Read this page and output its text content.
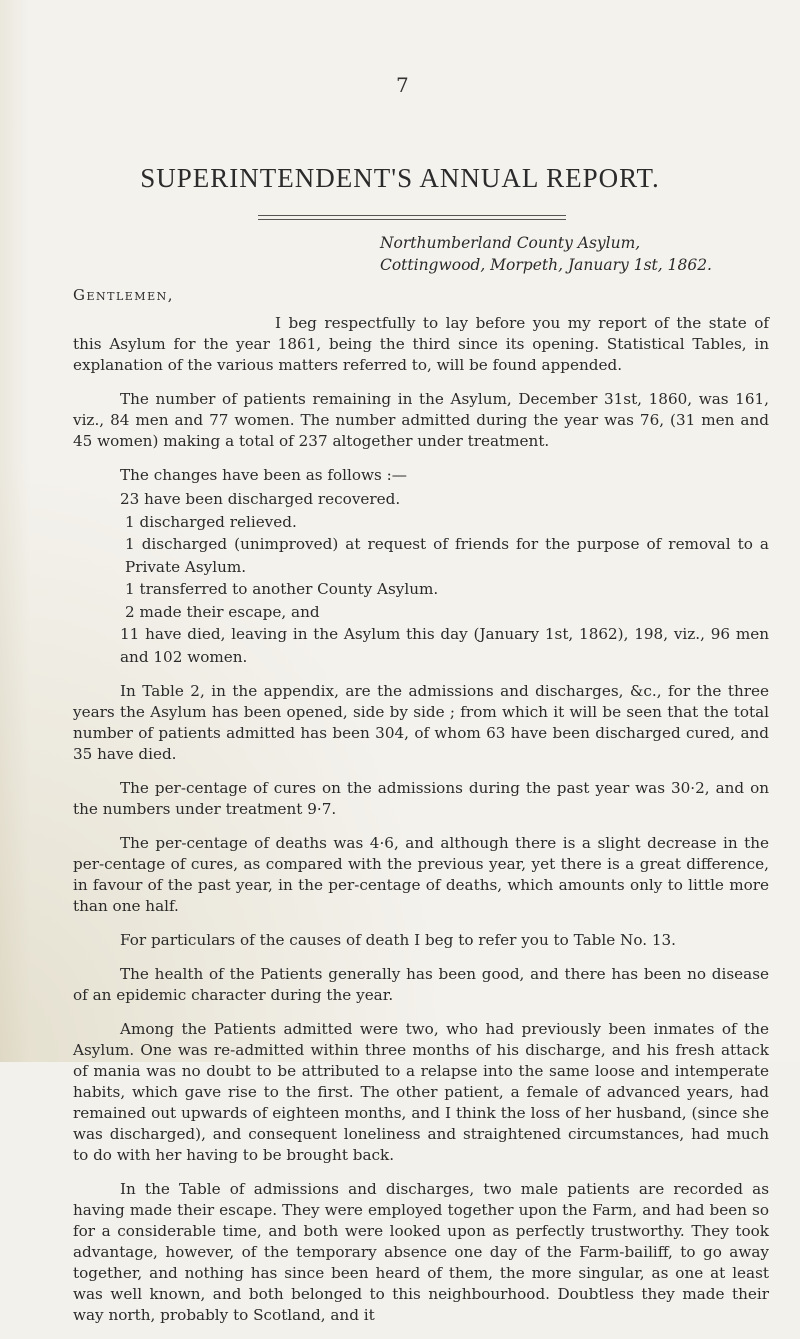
7
SUPERINTENDENT'S ANNUAL REPORT.
Northumberland County Asylum,
Cottingwood, Morpeth, January 1st, 1862.
Gentlemen,

I beg respectfully to lay before you my report of the state of this Asylum for the year 1861, being the third since its opening. Statistical Tables, in explanation of the various matters referred to, will be found appended.

The number of patients remaining in the Asylum, December 31st, 1860, was 161, viz., 84 men and 77 women. The number admitted during the year was 76, (31 men and 45 women) making a total of 237 altogether under treatment.

The changes have been as follows :—

23 have been discharged recovered.
1 discharged relieved.
1 discharged (unimproved) at request of friends for the purpose of removal to a Private Asylum.
1 transferred to another County Asylum.
2 made their escape, and
11 have died, leaving in the Asylum this day (January 1st, 1862), 198, viz., 96 men and 102 women.

In Table 2, in the appendix, are the admissions and discharges, &c., for the three years the Asylum has been opened, side by side ; from which it will be seen that the total number of patients admitted has been 304, of whom 63 have been discharged cured, and 35 have died.

The per-centage of cures on the admissions during the past year was 30·2, and on the numbers under treatment 9·7.

The per-centage of deaths was 4·6, and although there is a slight decrease in the per-centage of cures, as compared with the previous year, yet there is a great difference, in favour of the past year, in the per-centage of deaths, which amounts only to little more than one half.

For particulars of the causes of death I beg to refer you to Table No. 13.

The health of the Patients generally has been good, and there has been no disease of an epidemic character during the year.

Among the Patients admitted were two, who had previously been inmates of the Asylum. One was re-admitted within three months of his discharge, and his fresh attack of mania was no doubt to be attributed to a relapse into the same loose and intemperate habits, which gave rise to the first. The other patient, a female of advanced years, had remained out upwards of eighteen months, and I think the loss of her husband, (since she was discharged), and consequent loneliness and straightened circumstances, had much to do with her having to be brought back.

In the Table of admissions and discharges, two male patients are recorded as having made their escape. They were employed together upon the Farm, and had been so for a considerable time, and both were looked upon as perfectly trustworthy. They took advantage, however, of the temporary absence one day of the Farm-bailiff, to go away together, and nothing has since been heard of them, the more singular, as one at least was well known, and both belonged to this neighbourhood. Doubtless they made their way north, probably to Scotland, and it
